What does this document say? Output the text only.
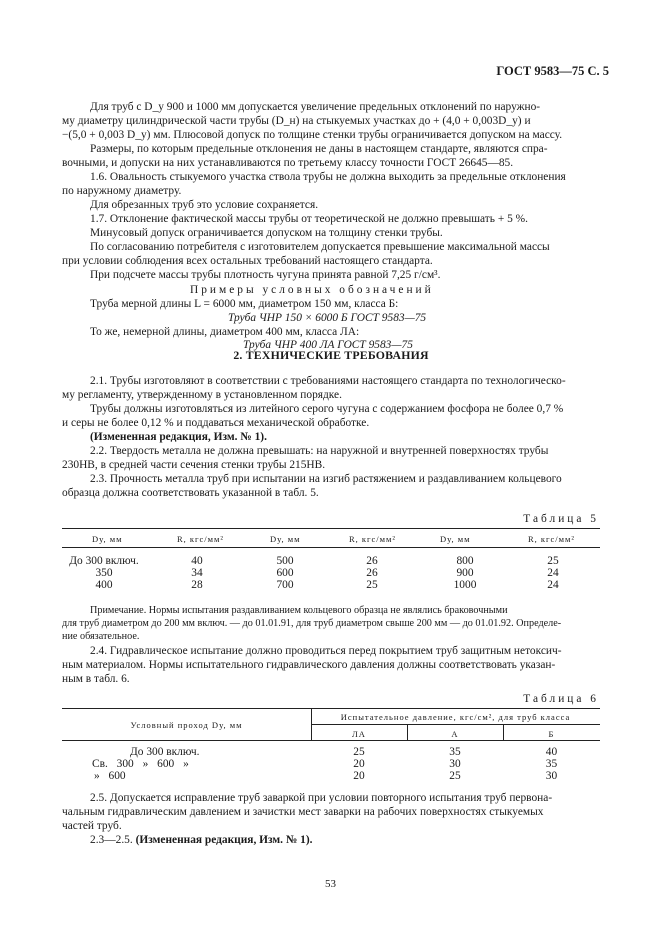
ГОСТ 9583—75 С. 5
Для труб с D_у 900 и 1000 мм допускается увеличение предельных отклонений по наружно-
му диаметру цилиндрической части трубы (D_н) на стыкуемых участках до + (4,0 + 0,003D_у) и
−(5,0 + 0,003 D_у) мм. Плюсовой допуск по толщине стенки трубы ограничивается допуском на массу.
Размеры, по которым предельные отклонения не даны в настоящем стандарте, являются спра-
вочными, и допуски на них устанавливаются по третьему классу точности ГОСТ 26645—85.
1.6. Овальность стыкуемого участка ствола трубы не должна выходить за предельные отклонения
по наружному диаметру.
Для обрезанных труб это условие сохраняется.
1.7. Отклонение фактической массы трубы от теоретической не должно превышать + 5 %.
Минусовый допуск ограничивается допуском на толщину стенки трубы.
По согласованию потребителя с изготовителем допускается превышение максимальной массы
при условии соблюдения всех остальных требований настоящего стандарта.
При подсчете массы трубы плотность чугуна принята равной 7,25 г/см³.
Примеры условных обозначений
Труба мерной длины L = 6000 мм, диаметром 150 мм, класса Б:
Труба ЧНР 150 × 6000 Б ГОСТ 9583—75
То же, немерной длины, диаметром 400 мм, класса ЛА:
Труба ЧНР 400 ЛА ГОСТ 9583—75
2. ТЕХНИЧЕСКИЕ ТРЕБОВАНИЯ
2.1. Трубы изготовляют в соответствии с требованиями настоящего стандарта по технологическо-
му регламенту, утвержденному в установленном порядке.
Трубы должны изготовляться из литейного серого чугуна с содержанием фосфора не более 0,7 %
и серы не более 0,12 % и поддаваться механической обработке.
(Измененная редакция, Изм. № 1).
2.2. Твердость металла не должна превышать: на наружной и внутренней поверхностях трубы
230НВ, в средней части сечения стенки трубы 215НВ.
2.3. Прочность металла труб при испытании на изгиб растяжением и раздавливанием кольцевого
образца должна соответствовать указанной в табл. 5.
Таблица 5
Dу, мм	R, кгс/мм²	Dу, мм	R, кгс/мм²	Dу, мм	R, кгс/мм²
До 300 включ.	40	500	26	800	25
350	34	600	26	900	24
400	28	700	25	1000	24
Примечание. Нормы испытания раздавливанием кольцевого образца не являлись браковочными
для труб диаметром до 200 мм включ. — до 01.01.91, для труб диаметром свыше 200 мм — до 01.01.92. Определе-
ние обязательное.
2.4. Гидравлическое испытание должно проводиться перед покрытием труб защитным нетоксич-
ным материалом. Нормы испытательного гидравлического давления должны соответствовать указан-
ным в табл. 6.
Таблица 6
Условный проход Dу, мм
Испытательное давление, кгс/см², для труб класса
ЛА	А	Б
До 300 включ.	25	35	40
Св. 300 » 600 »	20	30	35
» 600	20	25	30
2.5. Допускается исправление труб заваркой при условии повторного испытания труб первона-
чальным гидравлическим давлением и зачистки мест заварки на рабочих поверхностях стыкуемых
частей труб.
2.3—2.5. (Измененная редакция, Изм. № 1).
53
